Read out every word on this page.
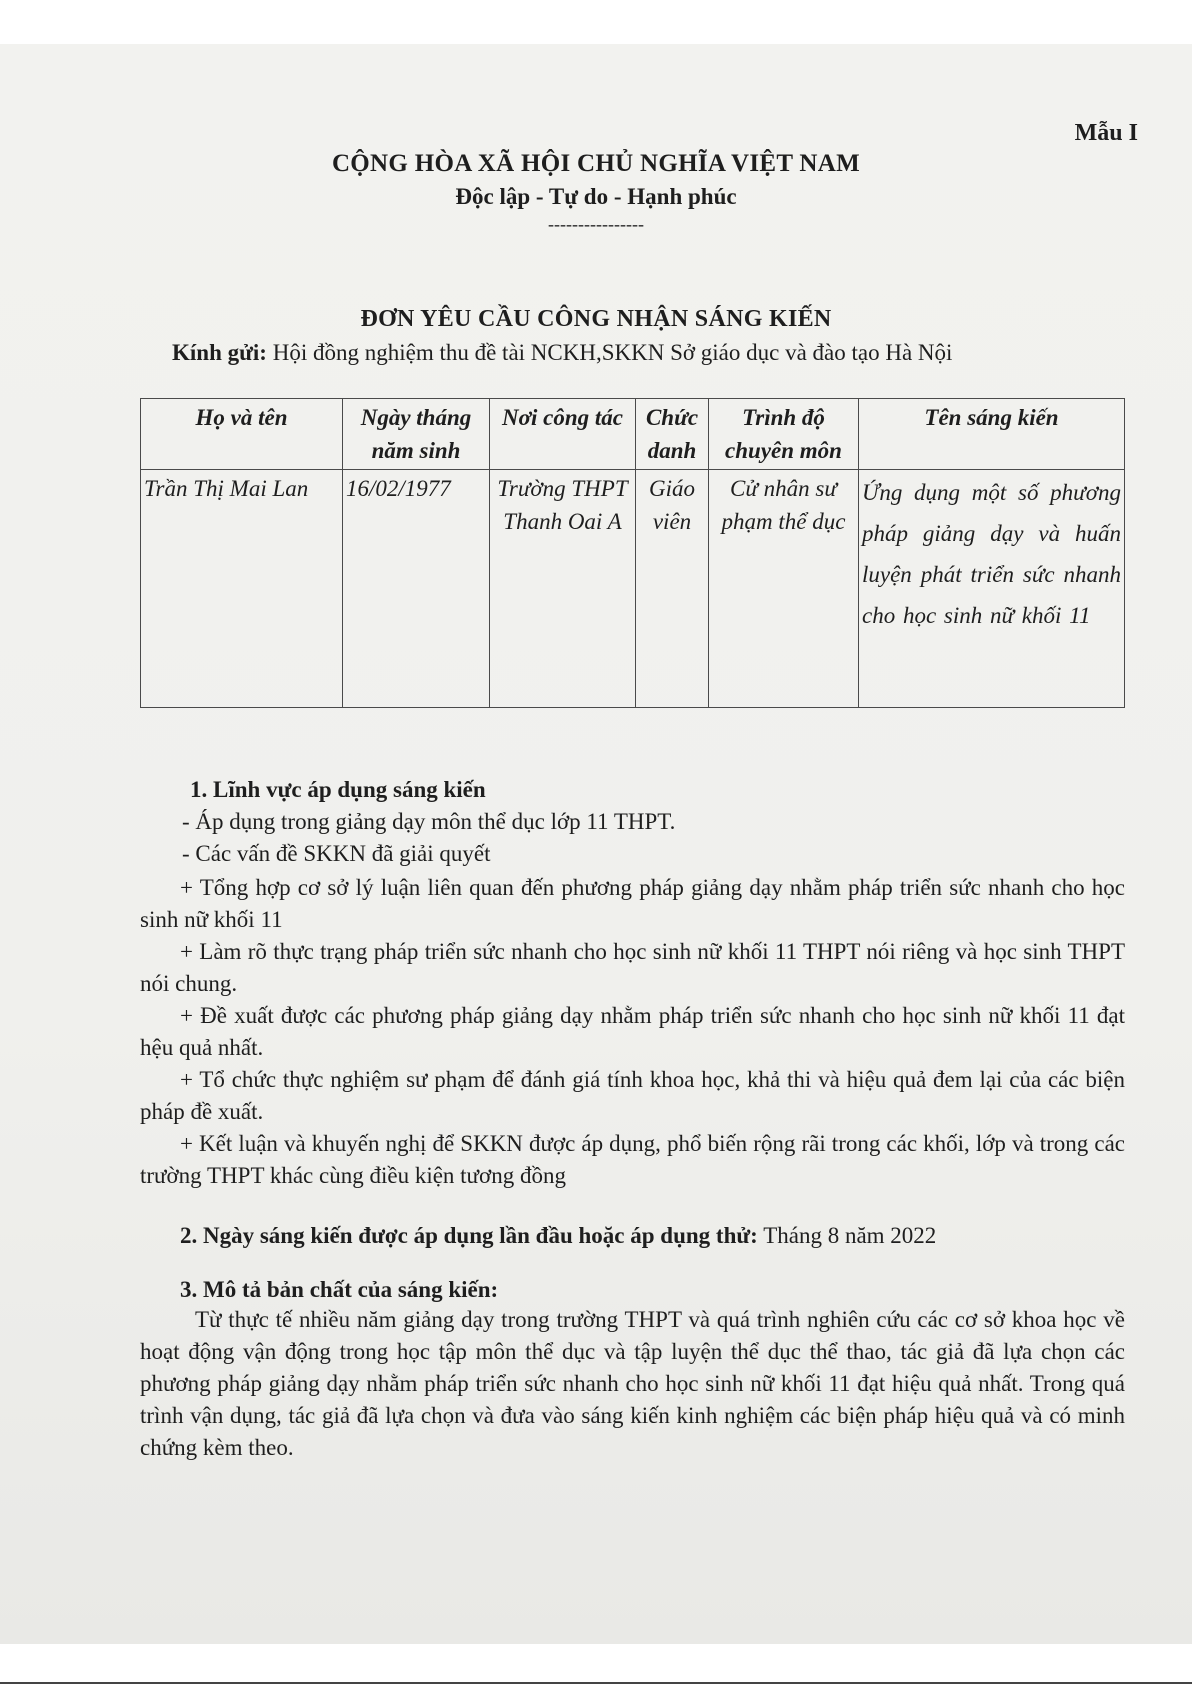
Mẫu I
CỘNG HÒA XÃ HỘI CHỦ NGHĨA VIỆT NAM
Độc lập - Tự do - Hạnh phúc
----------------
ĐƠN YÊU CẦU CÔNG NHẬN SÁNG KIẾN
Kính gửi: Hội đồng nghiệm thu đề tài NCKH,SKKN Sở giáo dục và đào tạo Hà Nội
Họ và tên	Ngày tháng năm sinh	Nơi công tác	Chức danh	Trình độ chuyên môn	Tên sáng kiến
Trần Thị Mai Lan	16/02/1977	Trường THPT Thanh Oai A	Giáo viên	Cử nhân sư phạm thể dục	Ứng dụng một số phương pháp giảng dạy và huấn luyện phát triển sức nhanh cho học sinh nữ khối 11
1. Lĩnh vực áp dụng sáng kiến
- Áp dụng trong giảng dạy môn thể dục lớp 11 THPT.
- Các vấn đề SKKN đã giải quyết
+ Tổng hợp cơ sở lý luận liên quan đến phương pháp giảng dạy nhằm pháp triển sức nhanh cho học sinh nữ khối 11
+ Làm rõ thực trạng pháp triển sức nhanh cho học sinh nữ khối 11 THPT nói riêng và học sinh THPT nói chung.
+ Đề xuất được các phương pháp giảng dạy nhằm pháp triển sức nhanh cho học sinh nữ khối 11 đạt hệu quả nhất.
+ Tổ chức thực nghiệm sư phạm để đánh giá tính khoa học, khả thi và hiệu quả đem lại của các biện pháp đề xuất.
+ Kết luận và khuyến nghị để SKKN được áp dụng, phổ biến rộng rãi trong các khối, lớp và trong các trường THPT khác cùng điều kiện tương đồng
2. Ngày sáng kiến được áp dụng lần đầu hoặc áp dụng thử: Tháng 8 năm 2022
3. Mô tả bản chất của sáng kiến:
Từ thực tế nhiều năm giảng dạy trong trường THPT và quá trình nghiên cứu các cơ sở khoa học về hoạt động vận động trong học tập môn thể dục và tập luyện thể dục thể thao, tác giả đã lựa chọn các phương pháp giảng dạy nhằm pháp triển sức nhanh cho học sinh nữ khối 11 đạt hiệu quả nhất. Trong quá trình vận dụng, tác giả đã lựa chọn và đưa vào sáng kiến kinh nghiệm các biện pháp hiệu quả và có minh chứng kèm theo.
